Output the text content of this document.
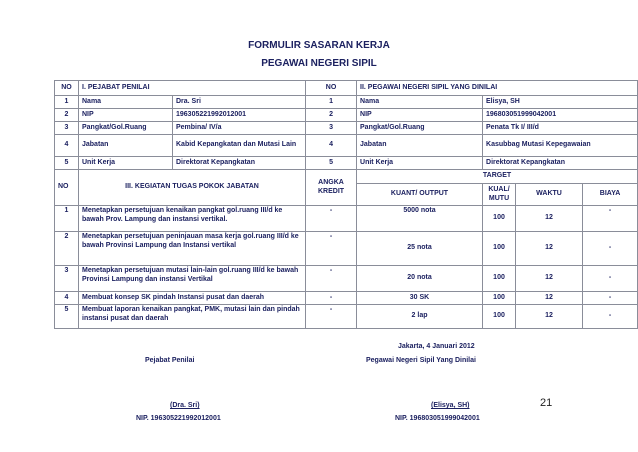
FORMULIR SASARAN KERJA
PEGAWAI NEGERI SIPIL
NO	I. PEJABAT PENILAI		NO	II. PEGAWAI NEGERI SIPIL YANG DINILAI			
1	Nama	Dra. Sri	1	Nama	Elisya, SH		
2	NIP	196305221992012001	2	NIP	196803051999042001		
3	Pangkat/Gol.Ruang	Pembina/ IV/a	3	Pangkat/Gol.Ruang	Penata Tk I/ III/d		
4	Jabatan	Kabid Kepangkatan dan Mutasi Lain	4	Jabatan	Kasubbag Mutasi Kepegawaian		
5	Unit Kerja	Direktorat Kepangkatan	5	Unit Kerja	Direktorat Kepangkatan		
NO	III. KEGIATAN TUGAS POKOK JABATAN		ANGKA KREDIT	TARGET			
				KUANT/ OUTPUT	KUAL/ MUTU	WAKTU	BIAYA
1	Menetapkan persetujuan kenaikan pangkat gol.ruang III/d ke bawah Prov. Lampung dan instansi vertikal.		-	5000 nota	100	12	-
2	Menetapkan persetujuan peninjauan masa kerja gol.ruang III/d ke bawah Provinsi Lampung dan Instansi vertikal		-	25 nota	100	12	-
3	Menetapkan persetujuan mutasi lain-lain gol.ruang III/d ke bawah Provinsi Lampung dan instansi Vertikal		-	20 nota	100	12	-
4	Membuat konsep SK pindah Instansi pusat dan daerah		-	30 SK	100	12	-
5	Membuat laporan kenaikan pangkat, PMK, mutasi lain dan pindah instansi pusat dan daerah		-	2 lap	100	12	-
Jakarta, 4 Januari 2012
Pejabat Penilai	Pegawai Negeri Sipil Yang Dinilai
(Dra. Sri)	(Elisya, SH)
NIP. 196305221992012001	NIP. 196803051999042001
21
